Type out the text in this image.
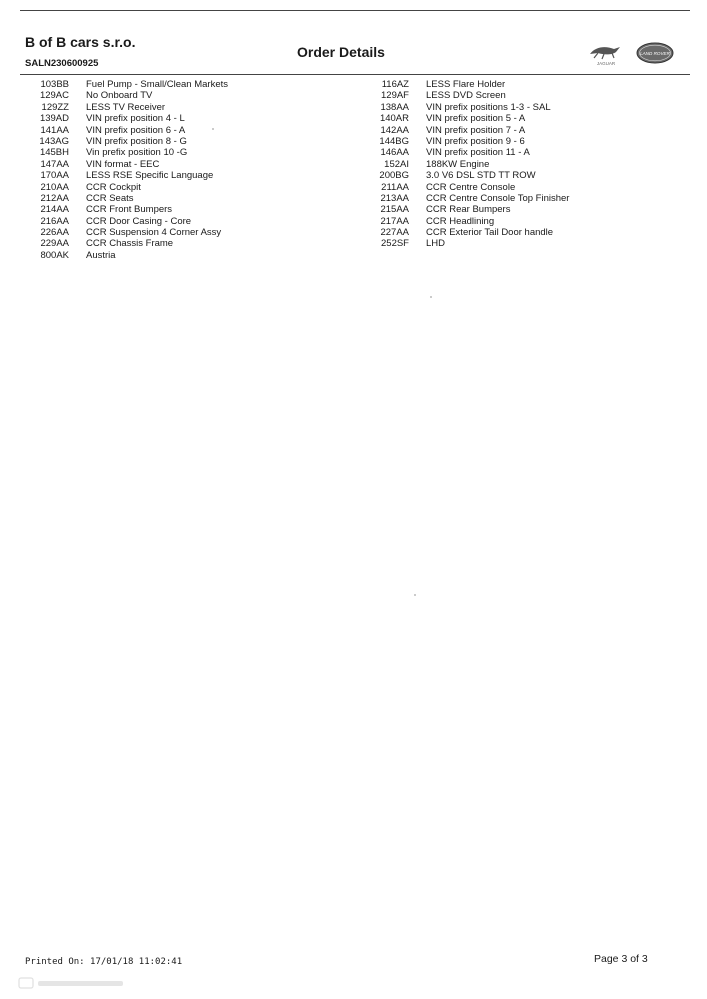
B of B cars s.r.o.
SALN230600925
Order Details
JAGUAR
LAND ROVER
103BB Fuel Pump - Small/Clean Markets
129AC No Onboard TV
129ZZ LESS TV Receiver
139AD VIN prefix position 4 - L
141AA VIN prefix position 6 - A
143AG VIN prefix position 8 - G
145BH Vin prefix position 10 -G
147AA VIN format - EEC
170AA LESS RSE Specific Language
210AA CCR Cockpit
212AA CCR Seats
214AA CCR Front Bumpers
216AA CCR Door Casing - Core
226AA CCR Suspension 4 Corner Assy
229AA CCR Chassis Frame
800AK Austria
116AZ LESS Flare Holder
129AF LESS DVD Screen
138AA VIN prefix positions 1-3 - SAL
140AR VIN prefix position 5 - A
142AA VIN prefix position 7 - A
144BG VIN prefix position 9 - 6
146AA VIN prefix position 11 - A
152AI 188KW Engine
200BG 3.0 V6 DSL STD TT ROW
211AA CCR Centre Console
213AA CCR Centre Console Top Finisher
215AA CCR Rear Bumpers
217AA CCR Headlining
227AA CCR Exterior Tail Door handle
252SF LHD
Printed On: 17/01/18 11:02:41	Page 3 of 3
